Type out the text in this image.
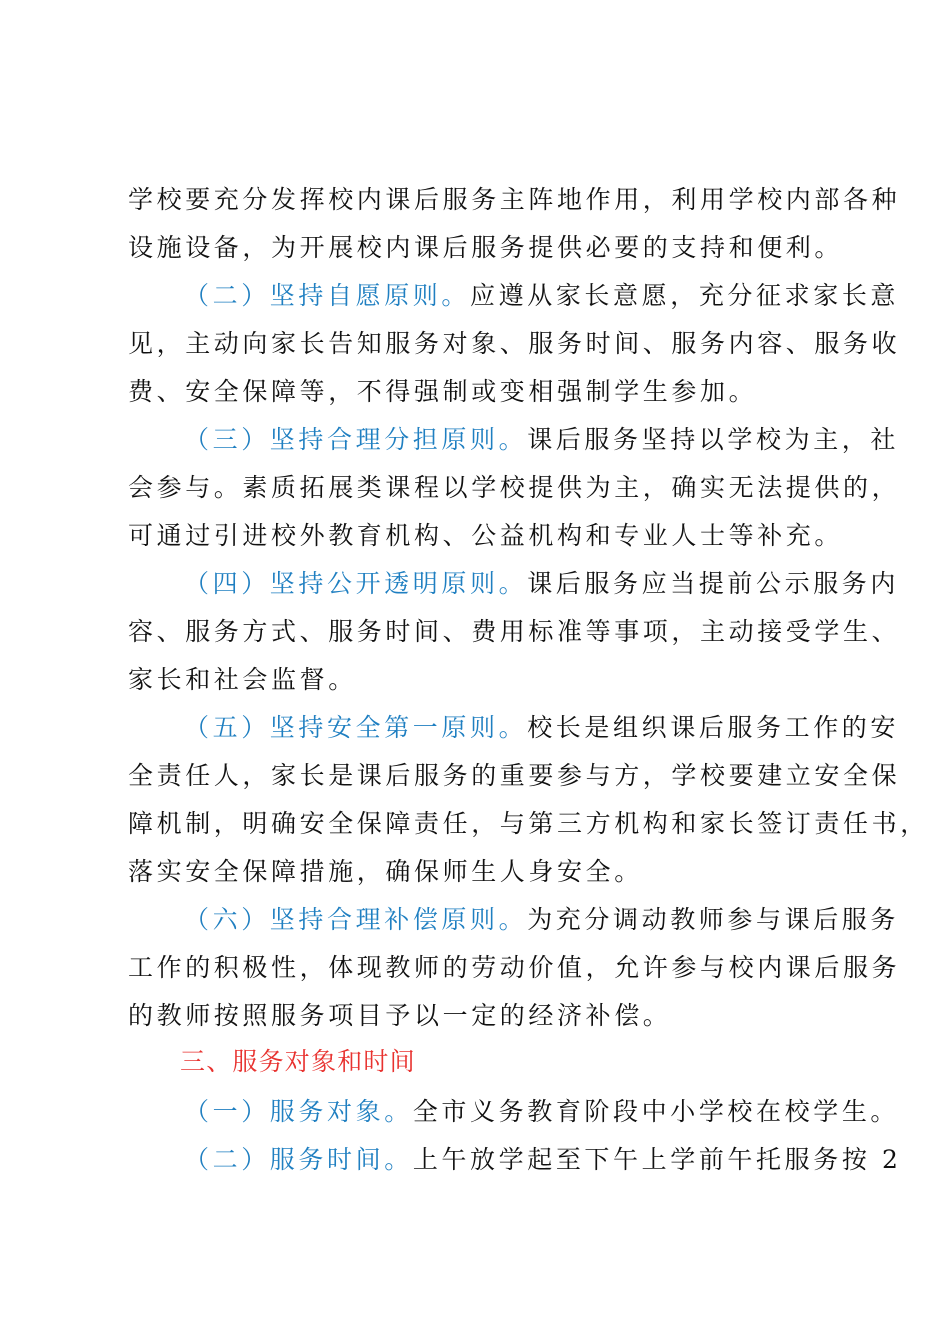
学校要充分发挥校内课后服务主阵地作用，利用学校内部各种
设施设备，为开展校内课后服务提供必要的支持和便利。
（二）坚持自愿原则。应遵从家长意愿，充分征求家长意
见，主动向家长告知服务对象、服务时间、服务内容、服务收
费、安全保障等，不得强制或变相强制学生参加。
（三）坚持合理分担原则。课后服务坚持以学校为主，社
会参与。素质拓展类课程以学校提供为主，确实无法提供的，
可通过引进校外教育机构、公益机构和专业人士等补充。
（四）坚持公开透明原则。课后服务应当提前公示服务内
容、服务方式、服务时间、费用标准等事项，主动接受学生、
家长和社会监督。
（五）坚持安全第一原则。校长是组织课后服务工作的安
全责任人，家长是课后服务的重要参与方，学校要建立安全保
障机制，明确安全保障责任，与第三方机构和家长签订责任书，
落实安全保障措施，确保师生人身安全。
（六）坚持合理补偿原则。为充分调动教师参与课后服务
工作的积极性，体现教师的劳动价值，允许参与校内课后服务
的教师按照服务项目予以一定的经济补偿。
三、服务对象和时间
（一）服务对象。全市义务教育阶段中小学校在校学生。
（二）服务时间。上午放学起至下午上学前午托服务按 2
